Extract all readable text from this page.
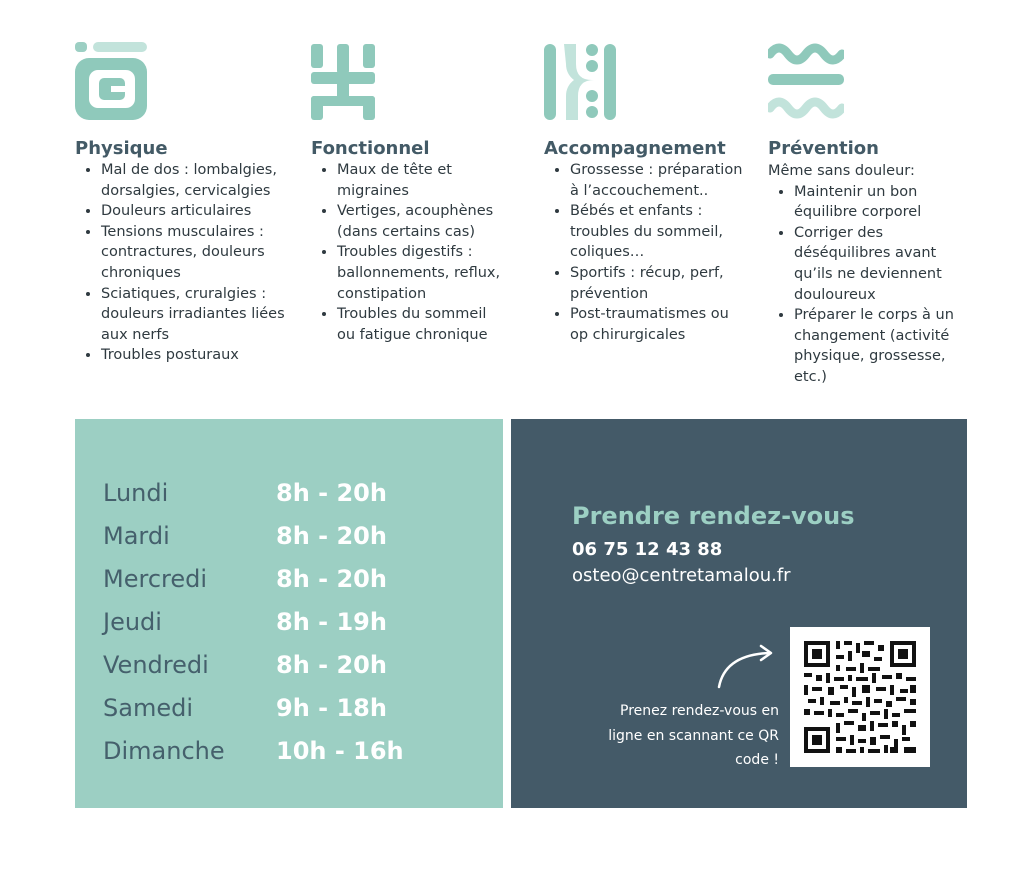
Physique
• Mal de dos : lombalgies, dorsalgies, cervicalgies
• Douleurs articulaires
• Tensions musculaires : contractures, douleurs chroniques
• Sciatiques, cruralgies : douleurs irradiantes liées aux nerfs
• Troubles posturaux
Fonctionnel
• Maux de tête et migraines
• Vertiges, acouphènes (dans certains cas)
• Troubles digestifs : ballonnements, reflux, constipation
• Troubles du sommeil ou fatigue chronique
Accompagnement
• Grossesse : préparation à l’accouchement..
• Bébés et enfants : troubles du sommeil, coliques…
• Sportifs : récup, perf, prévention
• Post-traumatismes ou op chirurgicales
Prévention

Même sans douleur:

• Maintenir un bon équilibre corporel
• Corriger des déséquilibres avant qu’ils ne deviennent douloureux
• Préparer le corps à un changement (activité physique, grossesse, etc.)
Lundi	8h - 20h
Mardi	8h - 20h
Mercredi	8h - 20h
Jeudi	8h - 19h
Vendredi	8h - 20h
Samedi	9h - 18h
Dimanche 10h - 16h
Prendre rendez-vous
06 75 12 43 88
osteo@centretamalou.fr
Prenez rendez-vous en ligne en scannant ce QR code !
